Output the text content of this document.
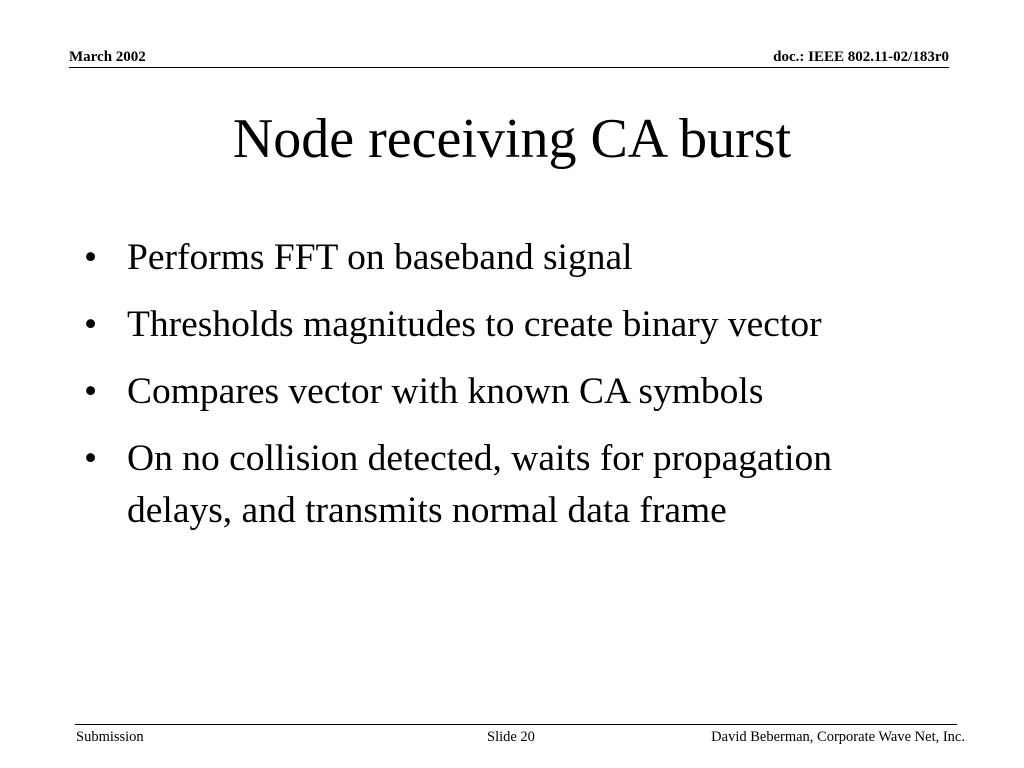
March 2002	doc.: IEEE 802.11-02/183r0
Node receiving CA burst
• Performs FFT on baseband signal
• Thresholds magnitudes to create binary vector
• Compares vector with known CA symbols
• On no collision detected, waits for propagation delays, and transmits normal data frame
Submission	Slide 20	David Beberman, Corporate Wave Net, Inc.
